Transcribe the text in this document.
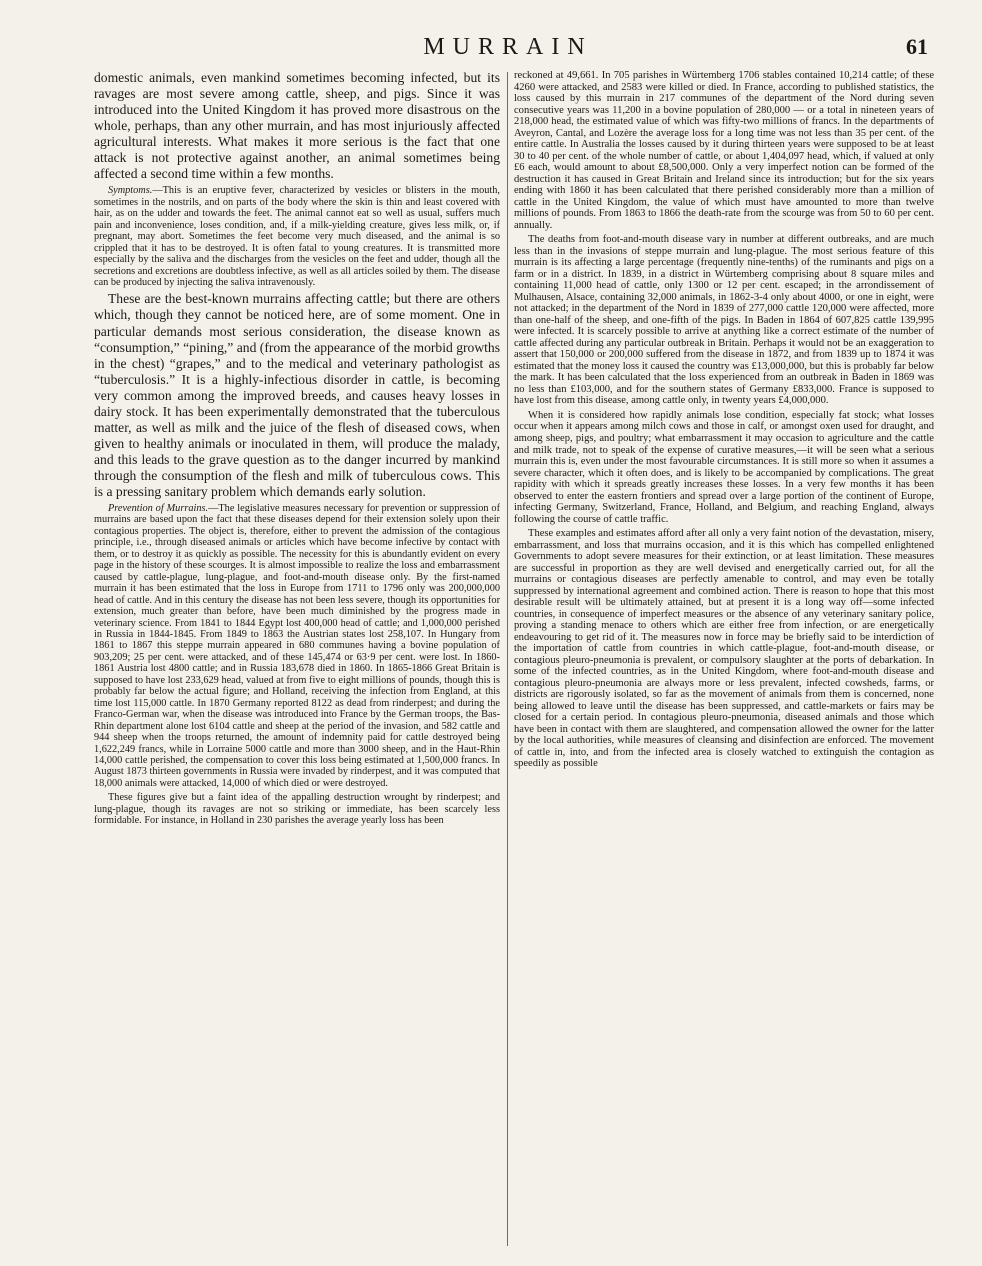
MURRAIN	61

domestic animals, even mankind sometimes becoming infected, but its ravages are most severe among cattle, sheep, and pigs. Since it was introduced into the United Kingdom it has proved more disastrous on the whole, perhaps, than any other murrain, and has most injuriously affected agricultural interests. What makes it more serious is the fact that one attack is not protective against another, an animal sometimes being affected a second time within a few months.

Symptoms.—This is an eruptive fever, characterized by vesicles or blisters in the mouth, sometimes in the nostrils, and on parts of the body where the skin is thin and least covered with hair, as on the udder and towards the feet. The animal cannot eat so well as usual, suffers much pain and inconvenience, loses condition, and, if a milk-yielding creature, gives less milk, or, if pregnant, may abort. Sometimes the feet become very much diseased, and the animal is so crippled that it has to be destroyed. It is often fatal to young creatures. It is transmitted more especially by the saliva and the discharges from the vesicles on the feet and udder, though all the secretions and excretions are doubtless infective, as well as all articles soiled by them. The disease can be produced by injecting the saliva intravenously.

These are the best-known murrains affecting cattle; but there are others which, though they cannot be noticed here, are of some moment. One in particular demands most serious consideration, the disease known as “consumption,” “pining,” and (from the appearance of the morbid growths in the chest) “grapes,” and to the medical and veterinary pathologist as “tuberculosis.” It is a highly-infectious disorder in cattle, is becoming very common among the improved breeds, and causes heavy losses in dairy stock. It has been experimentally demonstrated that the tuberculous matter, as well as milk and the juice of the flesh of diseased cows, when given to healthy animals or inoculated in them, will produce the malady, and this leads to the grave question as to the danger incurred by mankind through the consumption of the flesh and milk of tuberculous cows. This is a pressing sanitary problem which demands early solution.

Prevention of Murrains.—The legislative measures necessary for prevention or suppression of murrains are based upon the fact that these diseases depend for their extension solely upon their contagious properties. The object is, therefore, either to prevent the admission of the contagious principle, i.e., through diseased animals or articles which have become infective by contact with them, or to destroy it as quickly as possible. The necessity for this is abundantly evident on every page in the history of these scourges. It is almost impossible to realize the loss and embarrassment caused by cattle-plague, lung-plague, and foot-and-mouth disease only. By the first-named murrain it has been estimated that the loss in Europe from 1711 to 1796 only was 200,000,000 head of cattle. And in this century the disease has not been less severe, though its opportunities for extension, much greater than before, have been much diminished by the progress made in veterinary science. From 1841 to 1844 Egypt lost 400,000 head of cattle; and 1,000,000 perished in Russia in 1844-1845. From 1849 to 1863 the Austrian states lost 258,107. In Hungary from 1861 to 1867 this steppe murrain appeared in 680 communes having a bovine population of 903,209; 25 per cent. were attacked, and of these 145,474 or 63·9 per cent. were lost. In 1860-1861 Austria lost 4800 cattle; and in Russia 183,678 died in 1860. In 1865-1866 Great Britain is supposed to have lost 233,629 head, valued at from five to eight millions of pounds, though this is probably far below the actual figure; and Holland, receiving the infection from England, at this time lost 115,000 cattle. In 1870 Germany reported 8122 as dead from rinderpest; and during the Franco-German war, when the disease was introduced into France by the German troops, the Bas-Rhin department alone lost 6104 cattle and sheep at the period of the invasion, and 582 cattle and 944 sheep when the troops returned, the amount of indemnity paid for cattle destroyed being 1,622,249 francs, while in Lorraine 5000 cattle and more than 3000 sheep, and in the Haut-Rhin 14,000 cattle perished, the compensation to cover this loss being estimated at 1,500,000 francs. In August 1873 thirteen governments in Russia were invaded by rinderpest, and it was computed that 18,000 animals were attacked, 14,000 of which died or were destroyed.

These figures give but a faint idea of the appalling destruction wrought by rinderpest; and lung-plague, though its ravages are not so striking or immediate, has been scarcely less formidable. For instance, in Holland in 230 parishes the average yearly loss has been

reckoned at 49,661. In 705 parishes in Würtemberg 1706 stables contained 10,214 cattle; of these 4260 were attacked, and 2583 were killed or died. In France, according to published statistics, the loss caused by this murrain in 217 communes of the department of the Nord during seven consecutive years was 11,200 in a bovine population of 280,000 — or a total in nineteen years of 218,000 head, the estimated value of which was fifty-two millions of francs. In the departments of Aveyron, Cantal, and Lozère the average loss for a long time was not less than 35 per cent. of the entire cattle. In Australia the losses caused by it during thirteen years were supposed to be at least 30 to 40 per cent. of the whole number of cattle, or about 1,404,097 head, which, if valued at only £6 each, would amount to about £8,500,000. Only a very imperfect notion can be formed of the destruction it has caused in Great Britain and Ireland since its introduction; but for the six years ending with 1860 it has been calculated that there perished considerably more than a million of cattle in the United Kingdom, the value of which must have amounted to more than twelve millions of pounds. From 1863 to 1866 the death-rate from the scourge was from 50 to 60 per cent. annually.

The deaths from foot-and-mouth disease vary in number at different outbreaks, and are much less than in the invasions of steppe murrain and lung-plague. The most serious feature of this murrain is its affecting a large percentage (frequently nine-tenths) of the ruminants and pigs on a farm or in a district. In 1839, in a district in Würtemberg comprising about 8 square miles and containing 11,000 head of cattle, only 1300 or 12 per cent. escaped; in the arrondissement of Mulhausen, Alsace, containing 32,000 animals, in 1862-3-4 only about 4000, or one in eight, were not attacked; in the department of the Nord in 1839 of 277,000 cattle 120,000 were affected, more than one-half of the sheep, and one-fifth of the pigs. In Baden in 1864 of 607,825 cattle 139,995 were infected. It is scarcely possible to arrive at anything like a correct estimate of the number of cattle affected during any particular outbreak in Britain. Perhaps it would not be an exaggeration to assert that 150,000 or 200,000 suffered from the disease in 1872, and from 1839 up to 1874 it was estimated that the money loss it caused the country was £13,000,000, but this is probably far below the mark. It has been calculated that the loss experienced from an outbreak in Baden in 1869 was no less than £103,000, and for the southern states of Germany £833,000. France is supposed to have lost from this disease, among cattle only, in twenty years £4,000,000.

When it is considered how rapidly animals lose condition, especially fat stock; what losses occur when it appears among milch cows and those in calf, or amongst oxen used for draught, and among sheep, pigs, and poultry; what embarrassment it may occasion to agriculture and the cattle and milk trade, not to speak of the expense of curative measures,—it will be seen what a serious murrain this is, even under the most favourable circumstances. It is still more so when it assumes a severe character, which it often does, and is likely to be accompanied by complications. The great rapidity with which it spreads greatly increases these losses. In a very few months it has been observed to enter the eastern frontiers and spread over a large portion of the continent of Europe, infecting Germany, Switzerland, France, Holland, and Belgium, and reaching England, always following the course of cattle traffic.

These examples and estimates afford after all only a very faint notion of the devastation, misery, embarrassment, and loss that murrains occasion, and it is this which has compelled enlightened Governments to adopt severe measures for their extinction, or at least limitation. These measures are successful in proportion as they are well devised and energetically carried out, for all the murrains or contagious diseases are perfectly amenable to control, and may even be totally suppressed by international agreement and combined action. There is reason to hope that this most desirable result will be ultimately attained, but at present it is a long way off—some infected countries, in consequence of imperfect measures or the absence of any veterinary sanitary police, proving a standing menace to others which are either free from infection, or are energetically endeavouring to get rid of it. The measures now in force may be briefly said to be interdiction of the importation of cattle from countries in which cattle-plague, foot-and-mouth disease, or contagious pleuro-pneumonia is prevalent, or compulsory slaughter at the ports of debarkation. In some of the infected countries, as in the United Kingdom, where foot-and-mouth disease and contagious pleuro-pneumonia are always more or less prevalent, infected cowsheds, farms, or districts are rigorously isolated, so far as the movement of animals from them is concerned, none being allowed to leave until the disease has been suppressed, and cattle-markets or fairs may be closed for a certain period. In contagious pleuro-pneumonia, diseased animals and those which have been in contact with them are slaughtered, and compensation allowed the owner for the latter by the local authorities, while measures of cleansing and disinfection are enforced. The movement of cattle in, into, and from the infected area is closely watched to extinguish the contagion as speedily as possible
